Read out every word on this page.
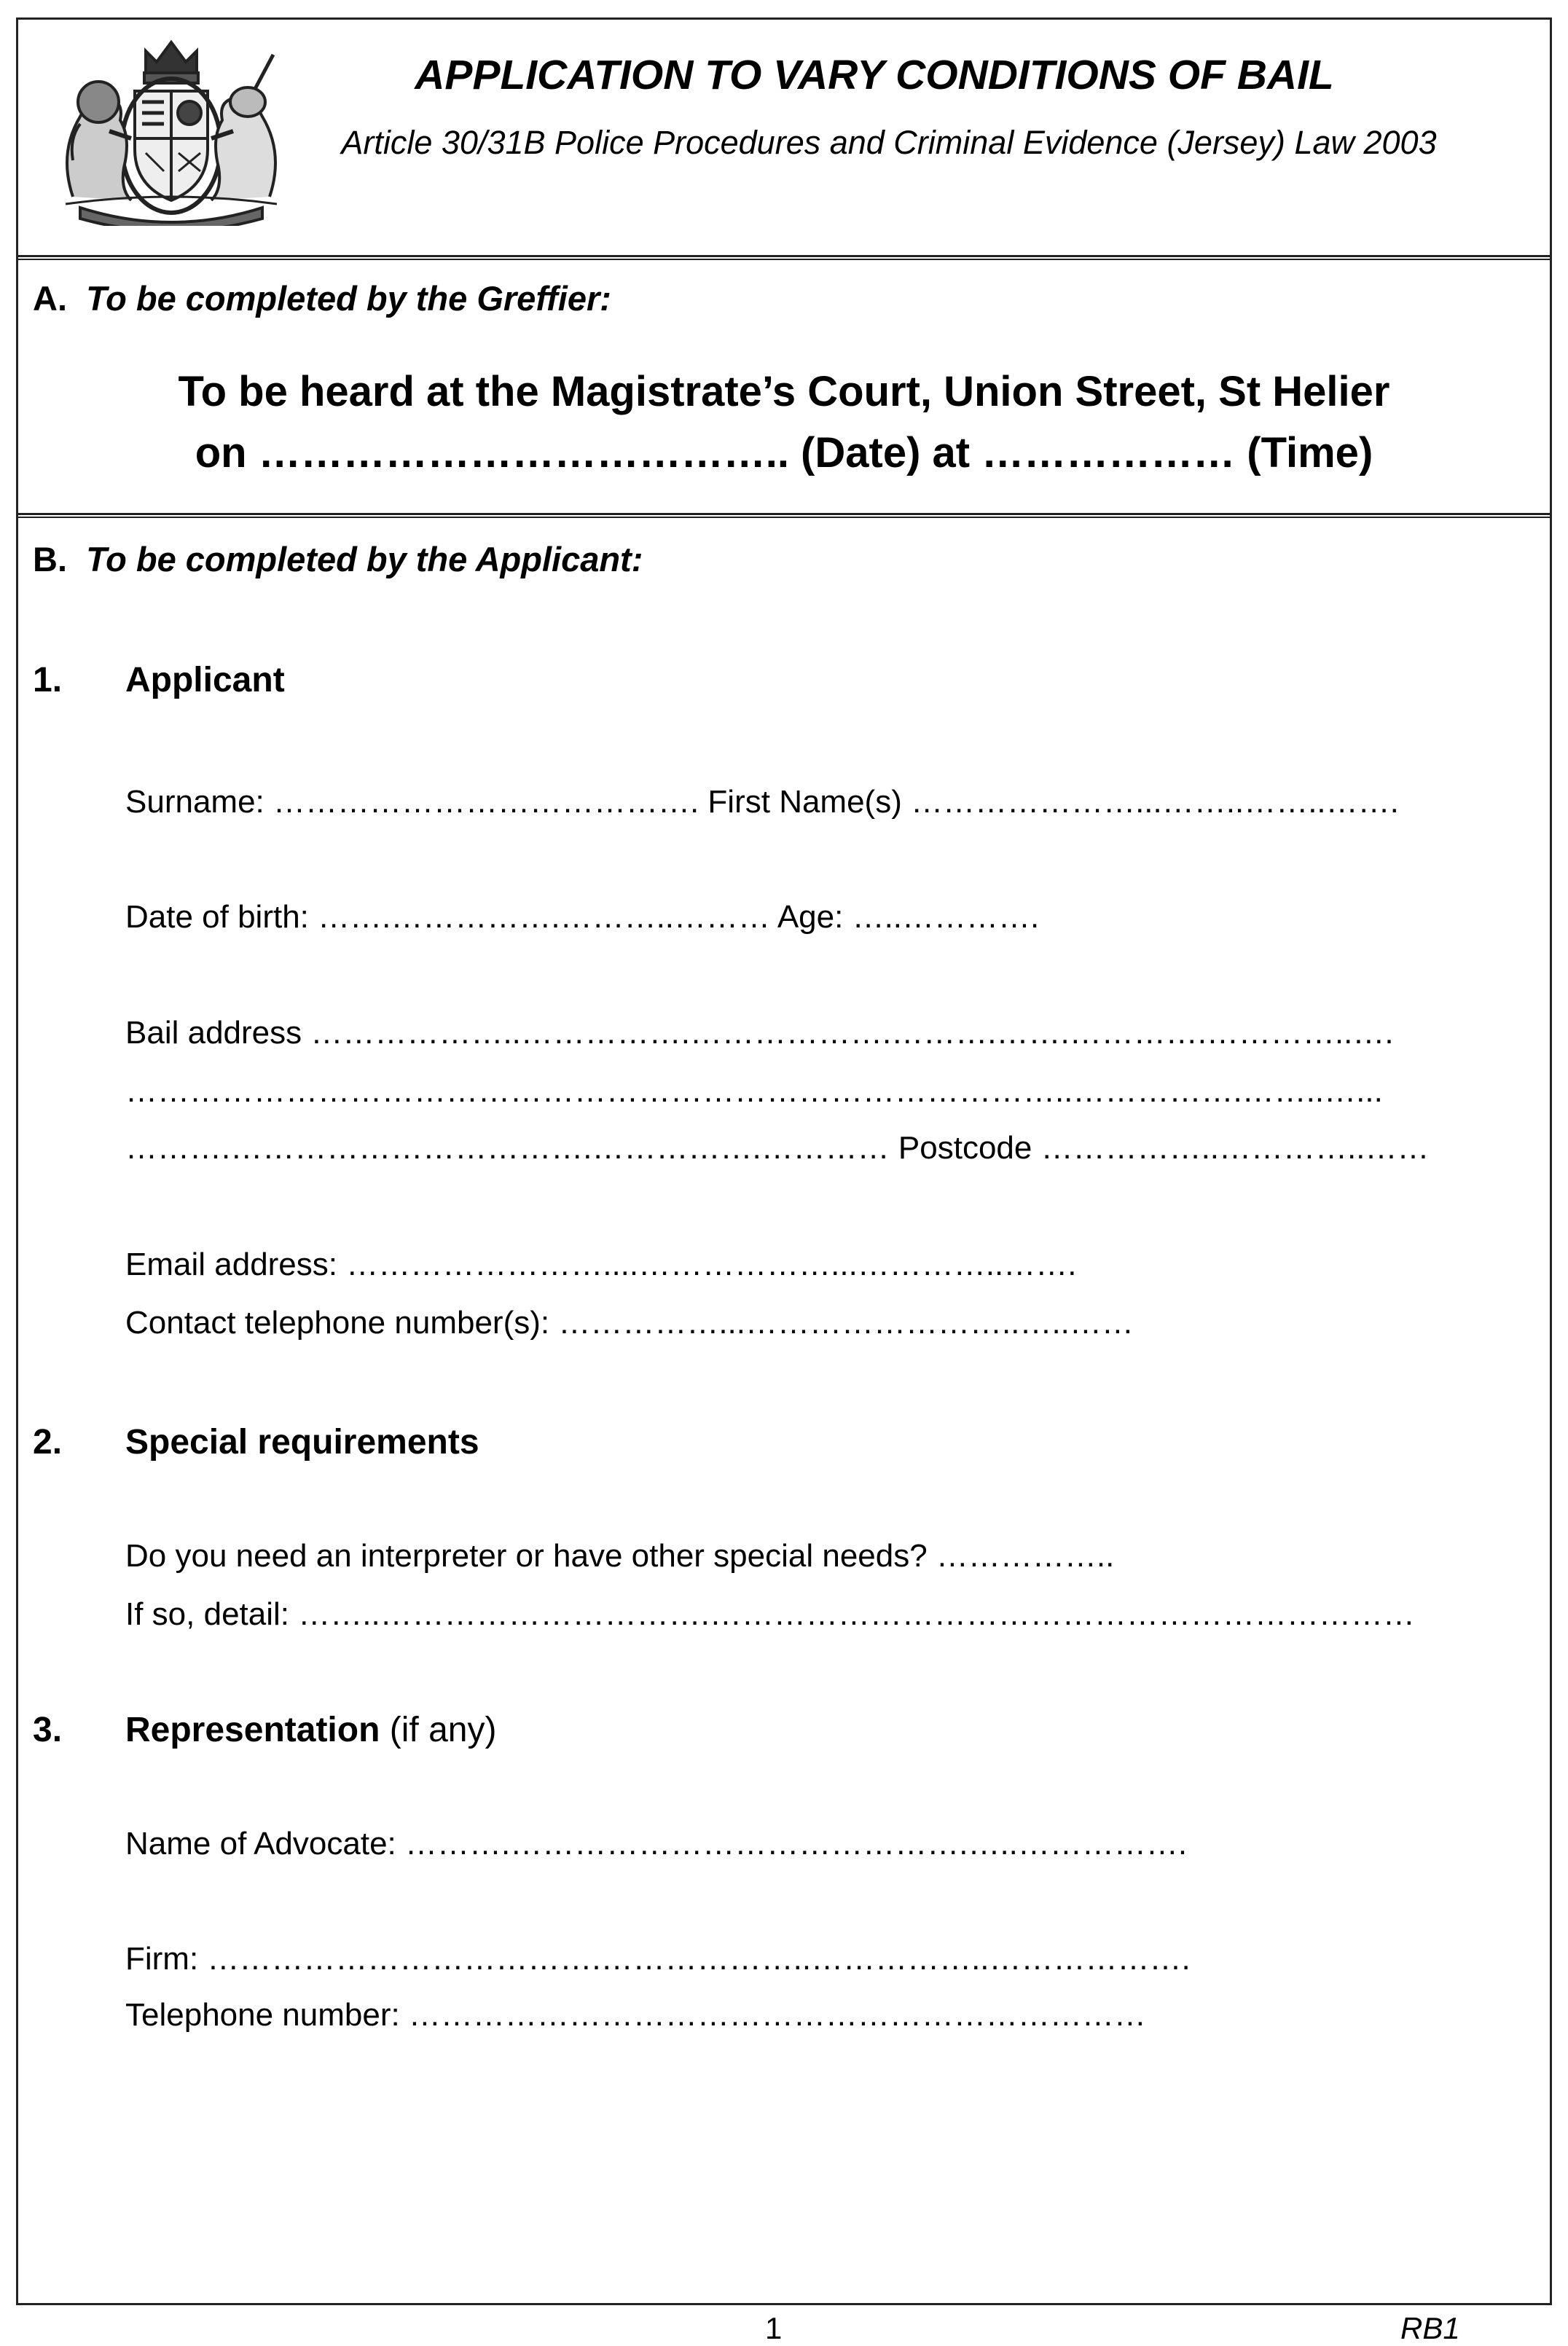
APPLICATION TO VARY CONDITIONS OF BAIL
Article 30/31B Police Procedures and Criminal Evidence (Jersey) Law 2003
A. To be completed by the Greffier:
To be heard at the Magistrate’s Court, Union Street, St Helier
on ……………………………….. (Date) at ……………… (Time)
B. To be completed by the Applicant:
1. Applicant
Surname: …………………………………. First Name(s) …………………...……..……..…….
Date of birth: …….…………….………..……… Age: …..………….
Bail address ………………..…………….……………….……….…….………….…………..….
……………………………………………………………………………..…………….……..…...
……….…………………………….…………….………… Postcode ……………..…………..……
Email address: ……………………....………………...…………..…….
Contact telephone number(s): ……………...……………………..…..……
2. Special requirements
Do you need an interpreter or have other special needs? ……………..
If so, detail: ……..………………………….…………………………………………………………
3. Representation (if any)
Name of Advocate: ……….…………………………………….…..…………….
Firm: ……………………………….………………..……………..……………….
Telephone number: ……………………………………………………………
1	RB1
